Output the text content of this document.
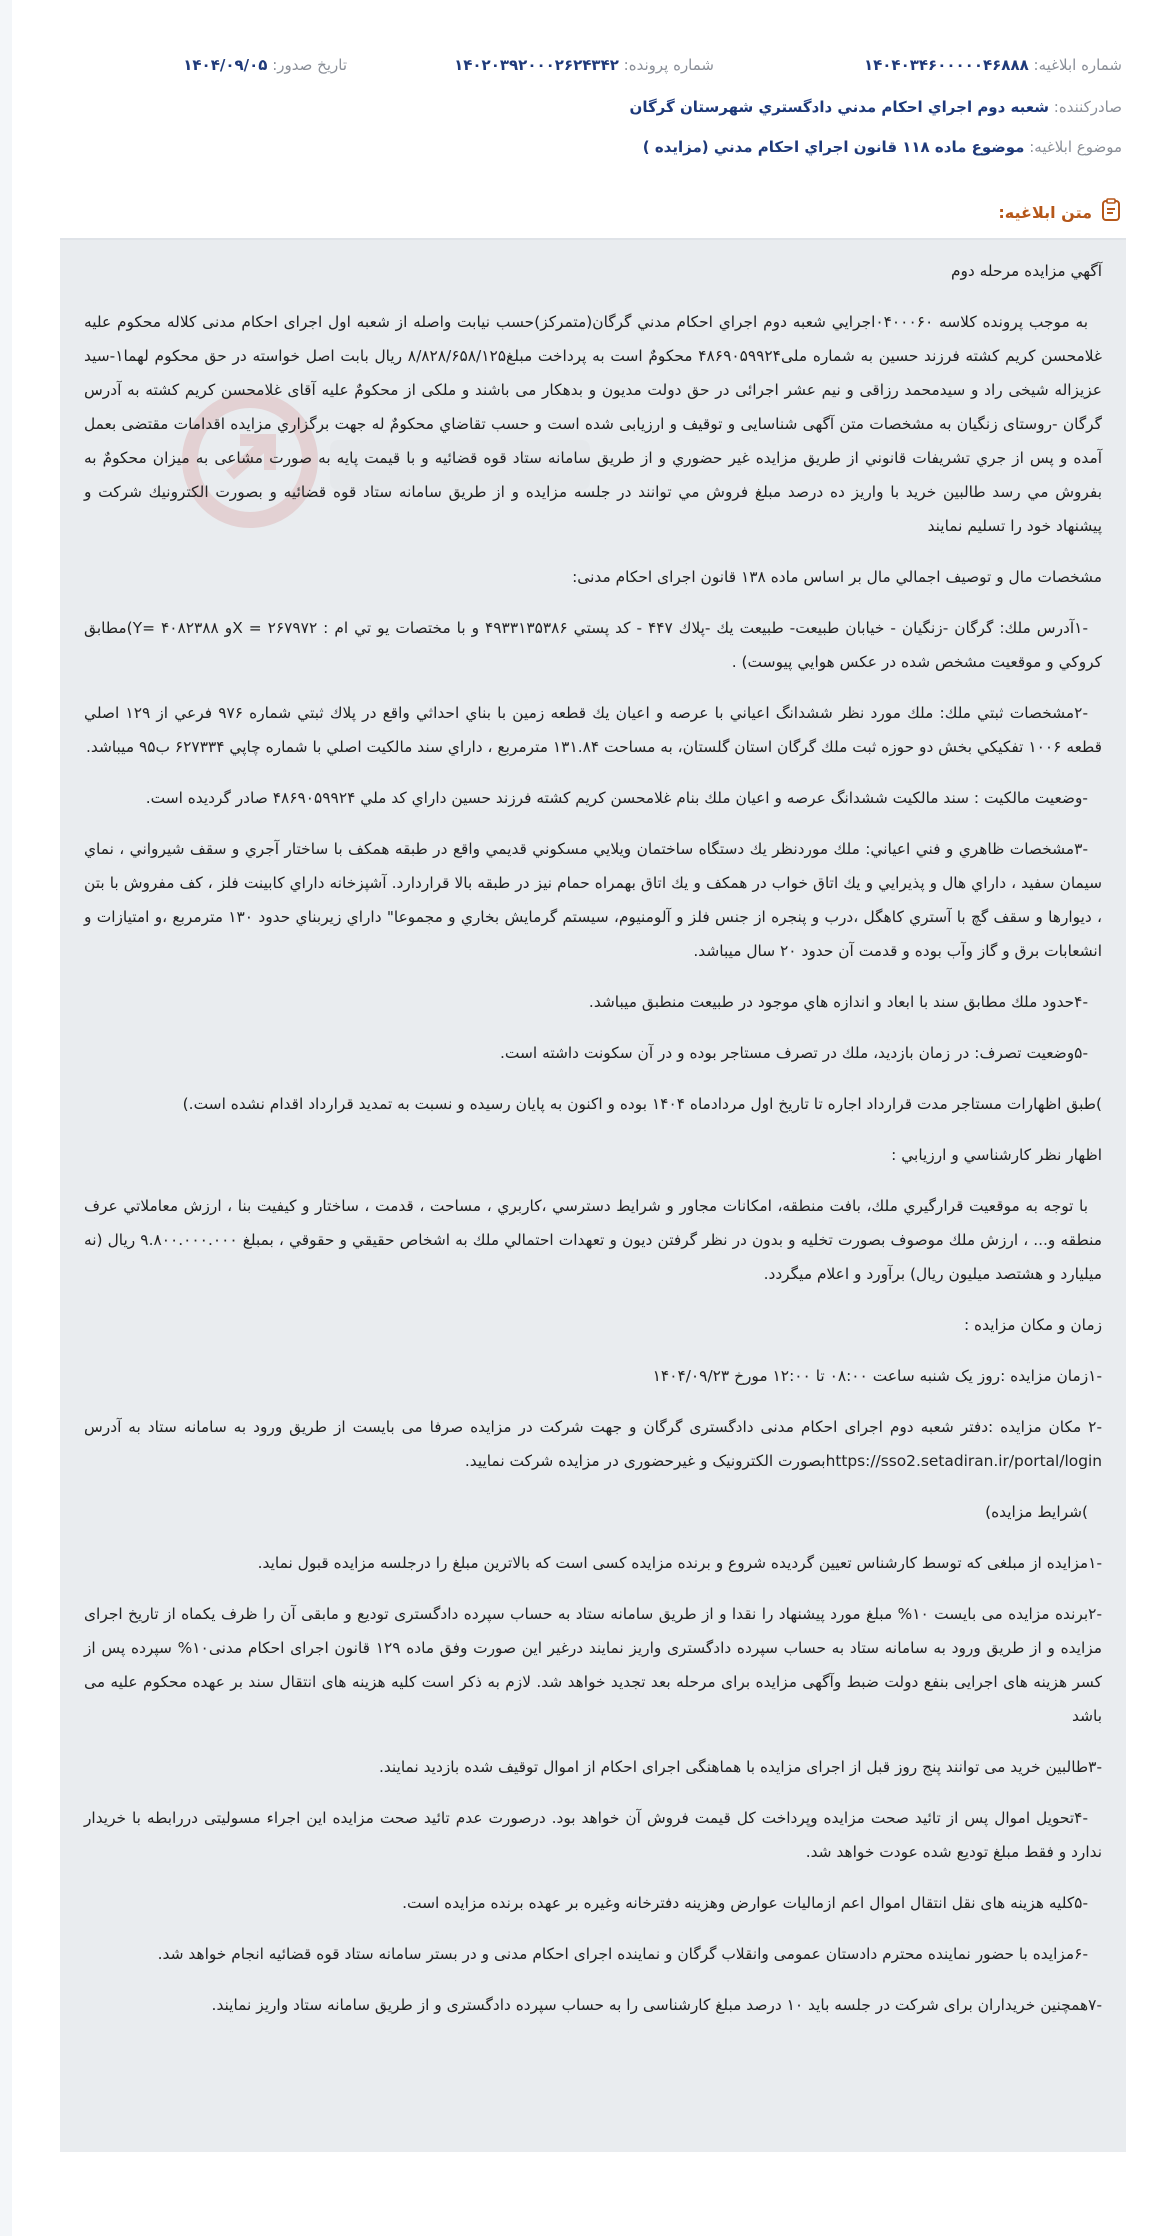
شماره ابلاغيه: ۱۴۰۴۰۳۴۶۰۰۰۰۰۴۶۸۸۸
شماره پرونده: ۱۴۰۲۰۳۹۲۰۰۰۲۶۲۴۳۴۲
تاريخ صدور: ۱۴۰۴/۰۹/۰۵
صادرکننده: شعبه دوم اجراي احكام مدني دادگستري شهرستان گرگان
موضوع ابلاغيه: موضوع ماده ۱۱۸ قانون اجراي احكام مدني (مزايده )
متن ابلاغيه:

آگهي مزايده مرحله دوم

به موجب پرونده كلاسه ۰۴۰۰۰۶۰اجرايي شعبه دوم اجراي احكام مدني گرگان(متمركز)حسب نيابت واصله از شعبه اول اجرای احکام مدنی کلاله محکوم علیه غلامحسن کریم کشته فرزند حسین به شماره ملی۴۸۶۹۰۵۹۹۲۴ محکومٌ است به پرداخت مبلغ۸/۸۲۸/۶۵۸/۱۲۵ ریال بابت اصل خواسته در حق محکوم لهما۱-سید عزیزاله شیخی راد و سیدمحمد رزاقی و نیم عشر اجرائی در حق دولت مدیون و بدهکار می باشند و ملکی از محکومٌ علیه آقای غلامحسن کریم کشته به آدرس گرگان -روستای زنگیان به مشخصات متن آگهی شناسایی و توقیف و ارزیابی شده است و حسب تقاضاي محكومٌ له جهت برگزاري مزايده اقدامات مقتضی بعمل آمده و پس از جري تشريفات قانوني از طريق مزايده غير حضوري و از طريق سامانه ستاد قوه قضائيه و با قيمت پايه به صورت مشاعی به ميزان محكومٌ به بفروش مي رسد طالبين خريد با واريز ده درصد مبلغ فروش مي توانند در جلسه مزايده و از طريق سامانه ستاد قوه قضائيه و بصورت الكترونيك شركت و پيشنهاد خود را تسليم نمايند

مشخصات مال و توصيف اجمالي مال بر اساس ماده ۱۳۸ قانون اجرای احکام مدنی:

-۱آدرس ملك: گرگان -زنگيان - خيابان طبيعت- طبيعت يك -پلاك ۴۴۷ - كد پستي ۴۹۳۳۱۳۵۳۸۶ و با مختصات يو تي ام : ۲۶۷۹۷۲ = Xو ۴۰۸۲۳۸۸ =Y)مطابق كروكي و موقعيت مشخص شده در عكس هوايي پيوست) .

-۲مشخصات ثبتي ملك: ملك مورد نظر ششدانگ اعياني با عرصه و اعيان يك قطعه زمين با بناي احداثي واقع در پلاك ثبتي شماره ۹۷۶ فرعي از ۱۲۹ اصلي قطعه ۱۰۰۶ تفكيكي بخش دو حوزه ثبت ملك گرگان استان گلستان، به مساحت ۱۳۱.۸۴ مترمربع ، داراي سند مالكيت اصلي با شماره چاپي ۶۲۷۳۳۴ ب۹۵ ميباشد.

-وضعيت مالكيت : سند مالكيت ششدانگ عرصه و اعيان ملك بنام غلامحسن كريم كشته فرزند حسين داراي كد ملي ۴۸۶۹۰۵۹۹۲۴ صادر گرديده است.

-۳مشخصات ظاهري و فني اعياني: ملك موردنظر يك دستگاه ساختمان ويلايي مسكوني قديمي واقع در طبقه همكف با ساختار آجري و سقف شيرواني ، نماي سيمان سفيد ، داراي هال و پذيرايي و يك اتاق خواب در همكف و يك اتاق بهمراه حمام نيز در طبقه بالا قراردارد. آشپزخانه داراي كابينت فلز ، كف مفروش با بتن ، ديوارها و سقف گچ با آستري كاهگل ،درب و پنجره از جنس فلز و آلومنيوم، سيستم گرمايش بخاري و مجموعا" داراي زيربناي حدود ۱۳۰ مترمربع ،و امتيازات و انشعابات برق و گاز وآب بوده و قدمت آن حدود ۲۰ سال ميباشد.

-۴حدود ملك مطابق سند با ابعاد و اندازه هاي موجود در طبيعت منطبق ميباشد.

-۵وضعيت تصرف: در زمان بازديد، ملك در تصرف مستاجر بوده و در آن سكونت داشته است.

)طبق اظهارات مستاجر مدت قرارداد اجاره تا تاريخ اول مردادماه ۱۴۰۴ بوده و اكنون به پايان رسيده و نسبت به تمديد قرارداد اقدام نشده است.)

اظهار نظر كارشناسي و ارزيابي :

با توجه به موقعيت قرارگيري ملك، بافت منطقه، امكانات مجاور و شرايط دسترسي ،كاربري ، مساحت ، قدمت ، ساختار و كيفيت بنا ، ارزش معاملاتي عرف منطقه و... ، ارزش ملك موصوف بصورت تخليه و بدون در نظر گرفتن ديون و تعهدات احتمالي ملك به اشخاص حقيقي و حقوقي ، بمبلغ ۹.۸۰۰.۰۰۰.۰۰۰ ريال (نه ميليارد و هشتصد ميليون ريال) برآورد و اعلام ميگردد.

زمان و مكان مزايده :

-۱زمان مزايده :روز یک شنبه ساعت ۰۸:۰۰ تا ۱۲:۰۰ مورخ ۱۴۰۴/۰۹/۲۳

-۲ مكان مزايده :دفتر شعبه دوم اجرای احکام مدنی دادگستری گرگان و جهت شرکت در مزایده صرفا می بایست از طریق ورود به سامانه ستاد به آدرس https://sso2.setadiran.ir/portal/loginبصورت الکترونیک و غیرحضوری در مزایده شرکت نمایید.

)شرایط مزایده)

-۱مزایده از مبلغی که توسط کارشناس تعیین گردیده شروع و برنده مزایده کسی است که بالاترین مبلغ را درجلسه مزایده قبول نماید.

-۲برنده مزایده می بایست ۱۰% مبلغ مورد پیشنهاد را نقدا و از طریق سامانه ستاد به حساب سپرده دادگستری تودیع و مابقی آن را ظرف یکماه از تاریخ اجرای مزایده و از طریق ورود به سامانه ستاد به حساب سپرده دادگستری واریز نمایند درغیر این صورت وفق ماده ۱۲۹ قانون اجرای احکام مدنی۱۰% سپرده پس از کسر هزینه های اجرایی بنفع دولت ضبط وآگهی مزایده برای مرحله بعد تجدید خواهد شد. لازم به ذکر است کلیه هزینه های انتقال سند بر عهده محکوم علیه می باشد

-۳طالبین خرید می توانند پنج روز قبل از اجرای مزایده با هماهنگی اجرای احکام از اموال توقیف شده بازدید نمایند.

-۴تحویل اموال پس از تائید صحت مزایده وپرداخت کل قیمت فروش آن خواهد بود. درصورت عدم تائید صحت مزایده این اجراء مسولیتی دررابطه با خریدار ندارد و فقط مبلغ تودیع شده عودت خواهد شد.

-۵کلیه هزینه های نقل انتقال اموال اعم ازمالیات عوارض وهزینه دفترخانه وغیره بر عهده برنده مزایده است.

-۶مزایده با حضور نماینده محترم دادستان عمومی وانقلاب گرگان و نماینده اجرای احکام مدنی و در بستر سامانه ستاد قوه قضائیه انجام خواهد شد.

-۷همچنین خریداران برای شرکت در جلسه باید ۱۰ درصد مبلغ کارشناسی را به حساب سپرده دادگستری و از طریق سامانه ستاد واریز نمایند.
